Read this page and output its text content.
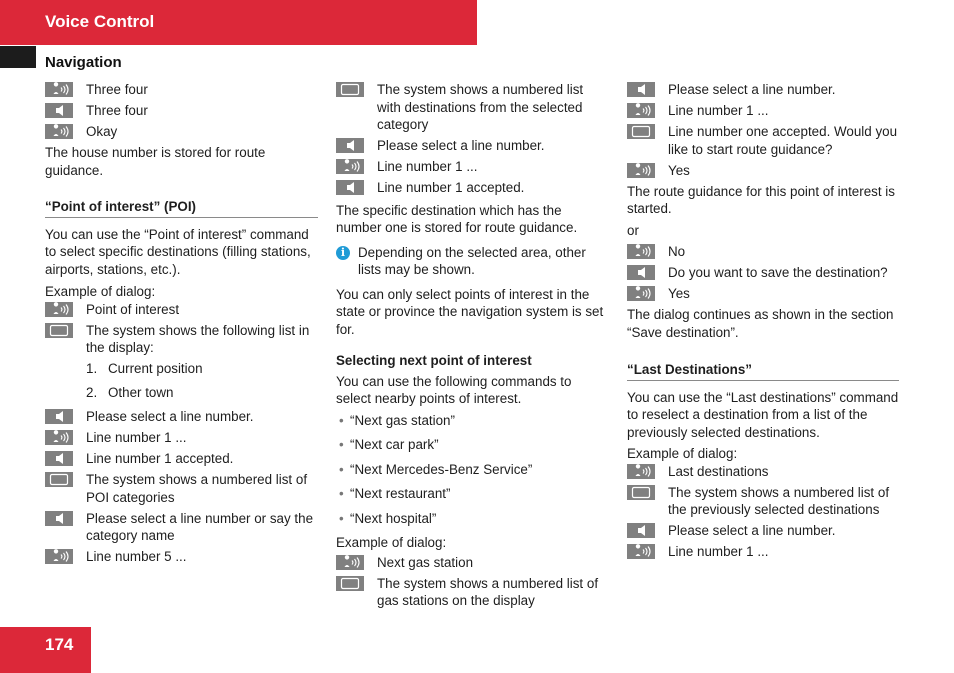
Voice Control
Navigation
Three four
Three four
Okay

The house number is stored for route guidance.

“Point of interest” (POI)

You can use the “Point of interest” command to select specific destinations (filling stations, airports, stations, etc.).

Example of dialog:

Point of interest
The system shows the following list in the display:
1. Current position
2. Other town
Please select a line number.
Line number 1 ...
Line number 1 accepted.
The system shows a numbered list of POI categories
Please select a line number or say the category name
Line number 5 ...
The system shows a numbered list with destinations from the selected category
Please select a line number.
Line number 1 ...
Line number 1 accepted.

The specific destination which has the number one is stored for route guidance.

i Depending on the selected area, other lists may be shown.

You can only select points of interest in the state or province the navigation system is set for.

Selecting next point of interest

You can use the following commands to select nearby points of interest.

• “Next gas station”
• “Next car park”
• “Next Mercedes-Benz Service”
• “Next restaurant”
• “Next hospital”

Example of dialog:

Next gas station
The system shows a numbered list of gas stations on the display
Please select a line number.
Line number 1 ...
Line number one accepted. Would you like to start route guidance?
Yes

The route guidance for this point of interest is started.

or

No
Do you want to save the destination?
Yes

The dialog continues as shown in the section “Save destination”.

“Last Destinations”

You can use the “Last destinations” command to reselect a destination from a list of the previously selected destinations.

Example of dialog:

Last destinations
The system shows a numbered list of the previously selected destinations
Please select a line number.
Line number 1 ...
174
